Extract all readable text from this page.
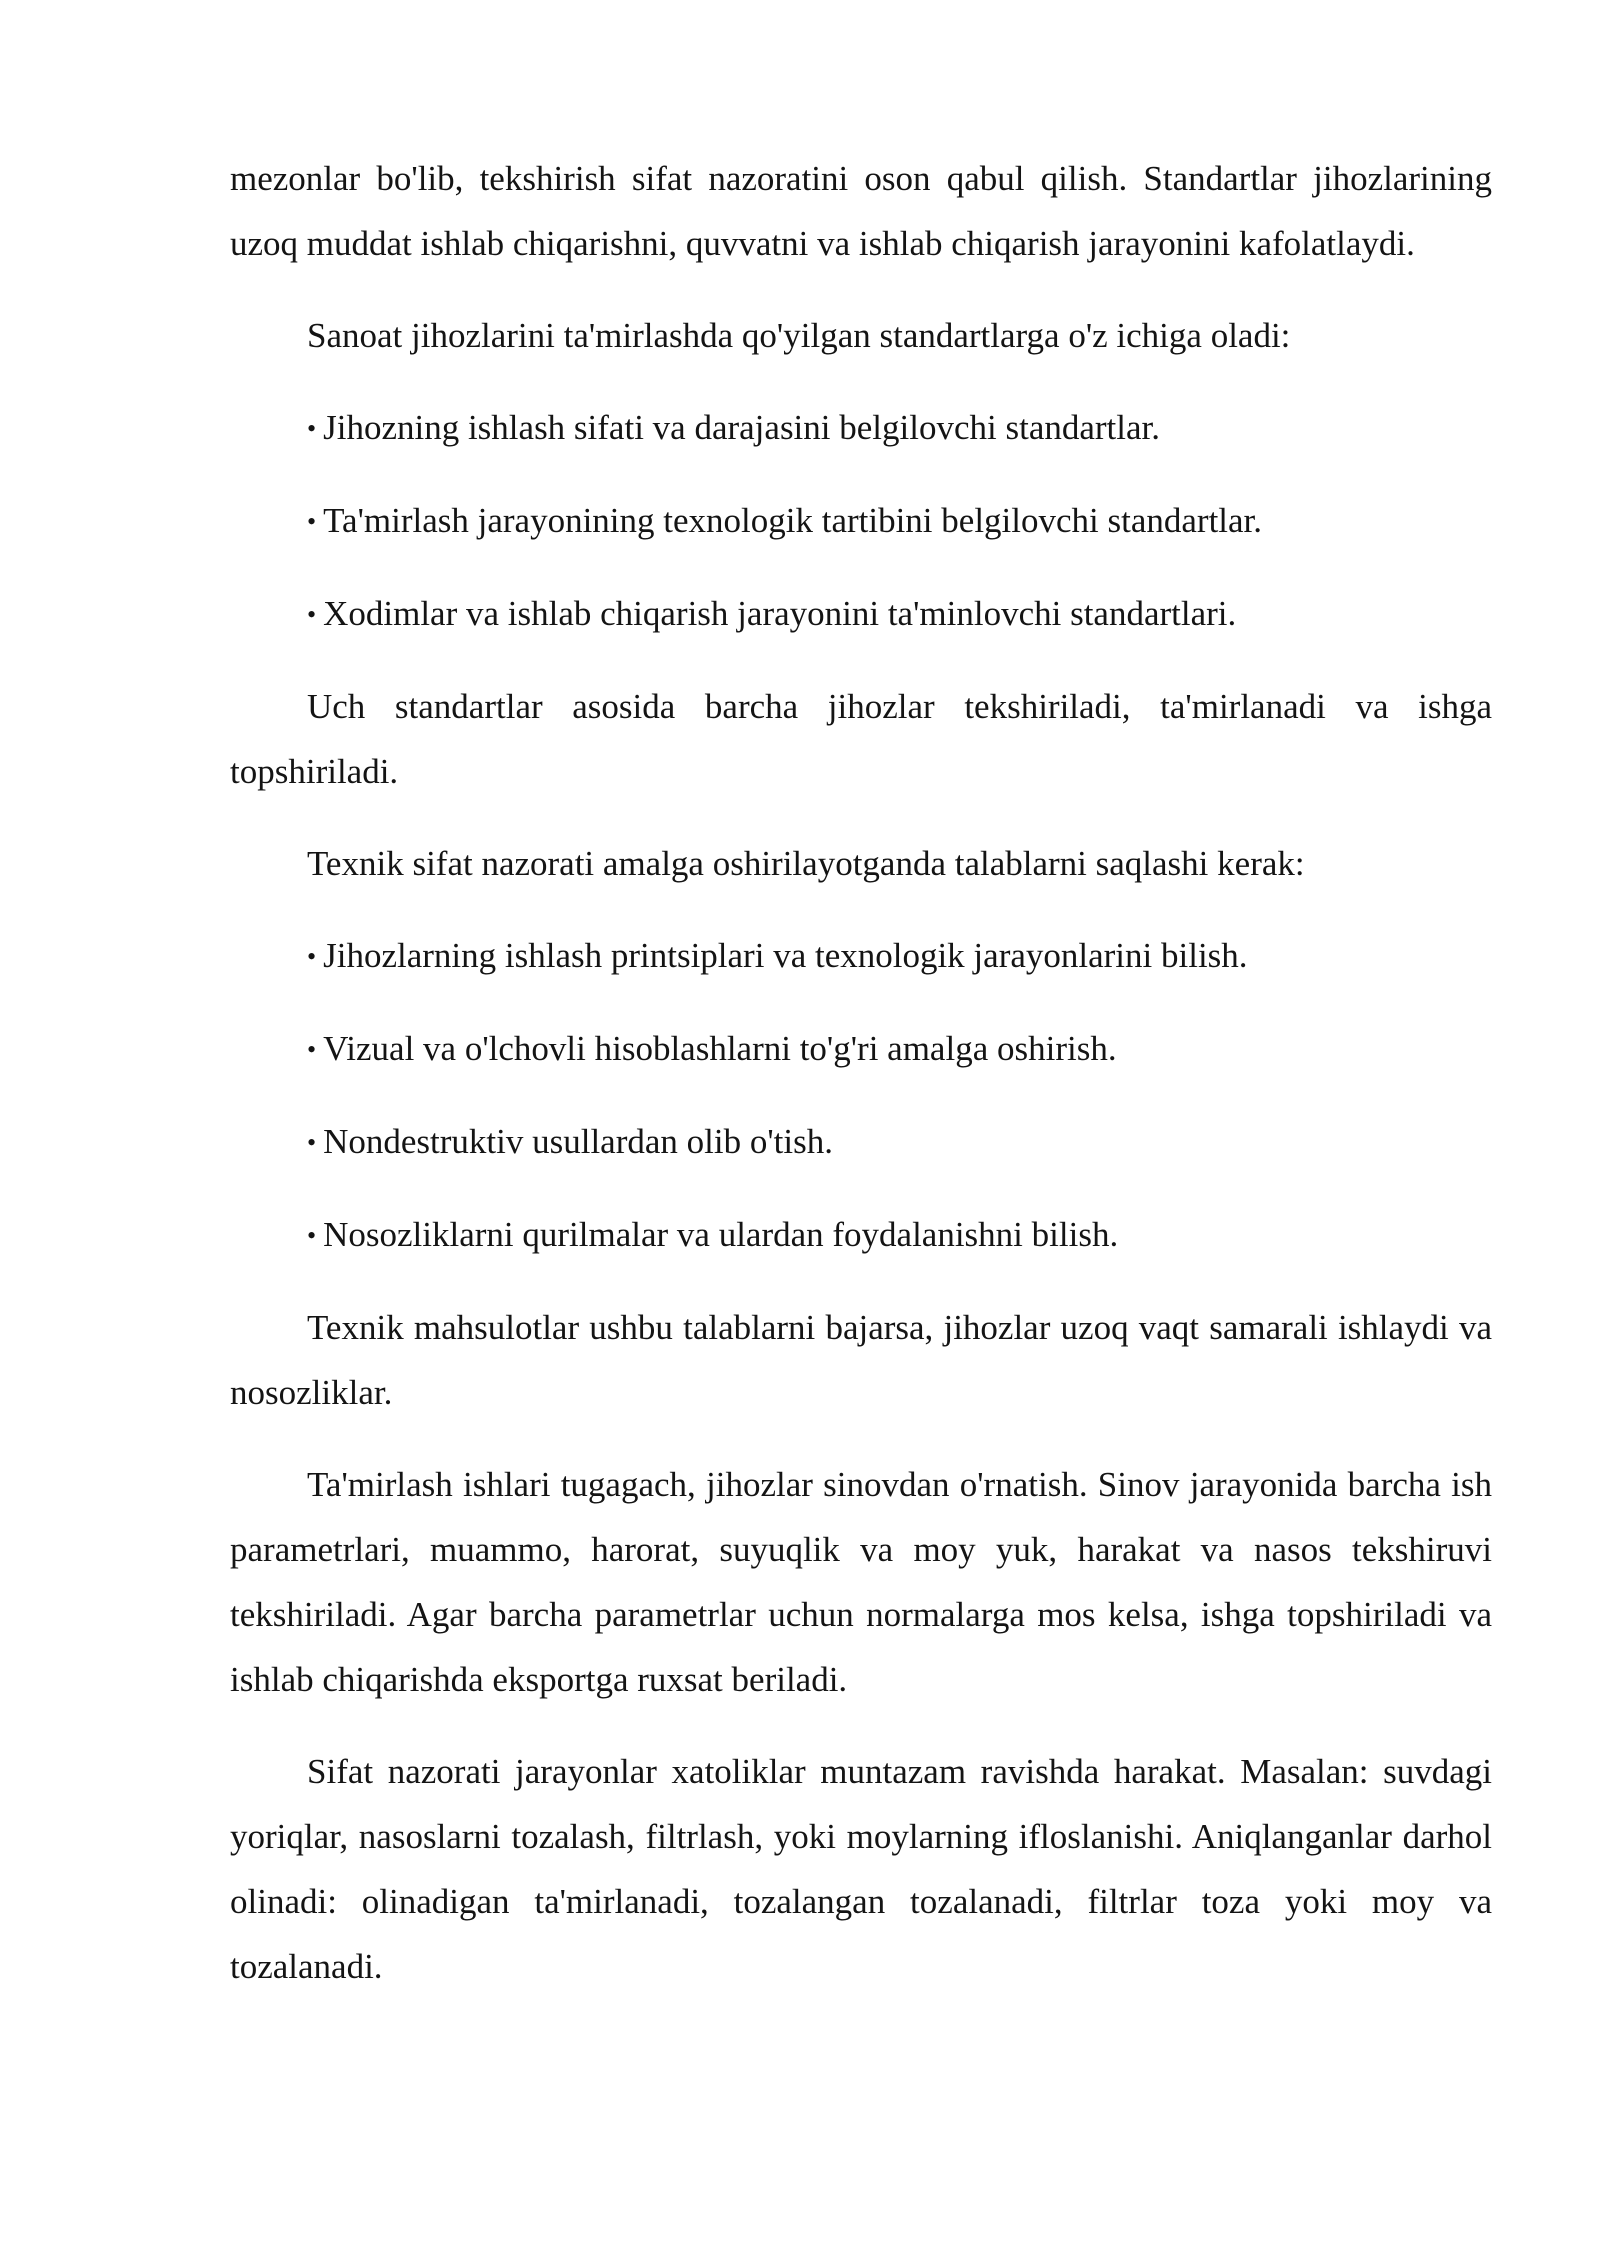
mezonlar bo'lib, tekshirish sifat nazoratini oson qabul qilish. Standartlar jihozlarining uzoq muddat ishlab chiqarishni, quvvatni va ishlab chiqarish jarayonini kafolatlaydi.

Sanoat jihozlarini ta'mirlashda qo'yilgan standartlarga o'z ichiga oladi:

• Jihozning ishlash sifati va darajasini belgilovchi standartlar.

• Ta'mirlash jarayonining texnologik tartibini belgilovchi standartlar.

• Xodimlar va ishlab chiqarish jarayonini ta'minlovchi standartlari.

Uch standartlar asosida barcha jihozlar tekshiriladi, ta'mirlanadi va ishga topshiriladi.

Texnik sifat nazorati amalga oshirilayotganda talablarni saqlashi kerak:

• Jihozlarning ishlash printsiplari va texnologik jarayonlarini bilish.

• Vizual va o'lchovli hisoblashlarni to'g'ri amalga oshirish.

• Nondestruktiv usullardan olib o'tish.

• Nosozliklarni qurilmalar va ulardan foydalanishni bilish.

Texnik mahsulotlar ushbu talablarni bajarsa, jihozlar uzoq vaqt samarali ishlaydi va nosozliklar.

Ta'mirlash ishlari tugagach, jihozlar sinovdan o'rnatish. Sinov jarayonida barcha ish parametrlari, muammo, harorat, suyuqlik va moy yuk, harakat va nasos tekshiruvi tekshiriladi. Agar barcha parametrlar uchun normalarga mos kelsa, ishga topshiriladi va ishlab chiqarishda eksportga ruxsat beriladi.

Sifat nazorati jarayonlar xatoliklar muntazam ravishda harakat. Masalan: suvdagi yoriqlar, nasoslarni tozalash, filtrlash, yoki moylarning ifloslanishi. Aniqlanganlar darhol olinadi: olinadigan ta'mirlanadi, tozalangan tozalanadi, filtrlar toza yoki moy va tozalanadi.
